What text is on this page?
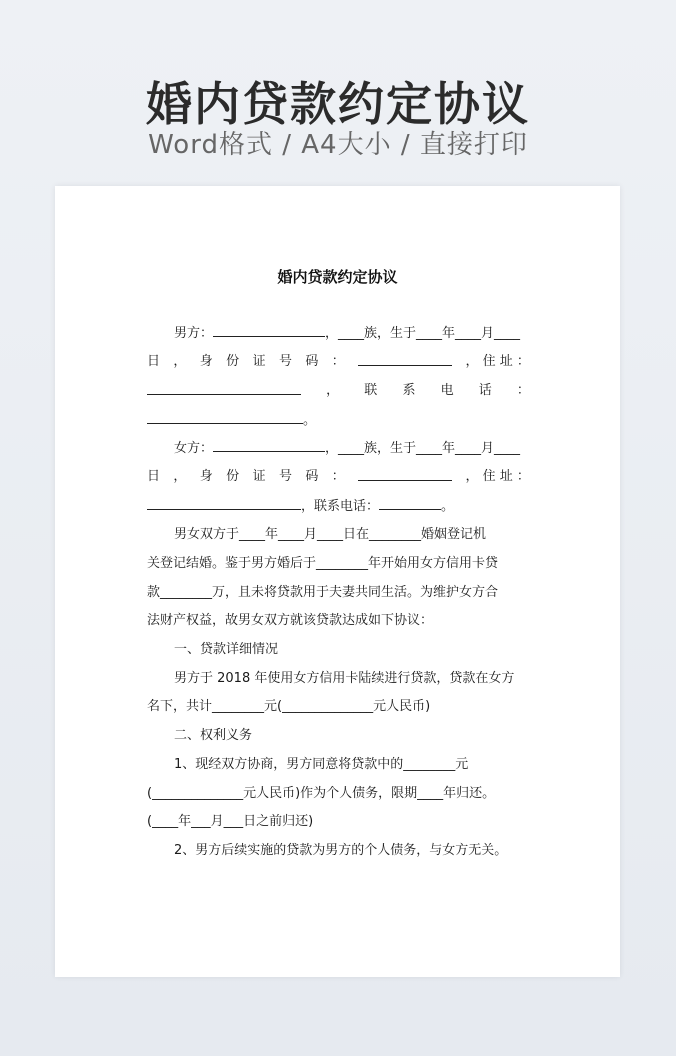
婚内贷款约定协议
Word格式 / A4大小 / 直接打印
婚内贷款约定协议
男方：	，____族，生于____年____月____
日 ， 身 份 证 号 码 ：	， 住 址 ：
， 联 系 电 话 ：
。
女方：	，____族，生于____年____月____
日 ， 身 份 证 号 码 ：	， 住 址 ：
，联系电话：	。
男女双方于____年____月____日在________婚姻登记机
关登记结婚。鉴于男方婚后于________年开始用女方信用卡贷
款________万，且未将贷款用于夫妻共同生活。为维护女方合
法财产权益，故男女双方就该贷款达成如下协议：
一、贷款详细情况
男方于 2018 年使用女方信用卡陆续进行贷款，贷款在女方
名下，共计________元(______________元人民币)
二、权利义务
1、现经双方协商，男方同意将贷款中的________元
(______________元人民币)作为个人债务，限期____年归还。
(____年___月___日之前归还)
2、男方后续实施的贷款为男方的个人债务，与女方无关。
